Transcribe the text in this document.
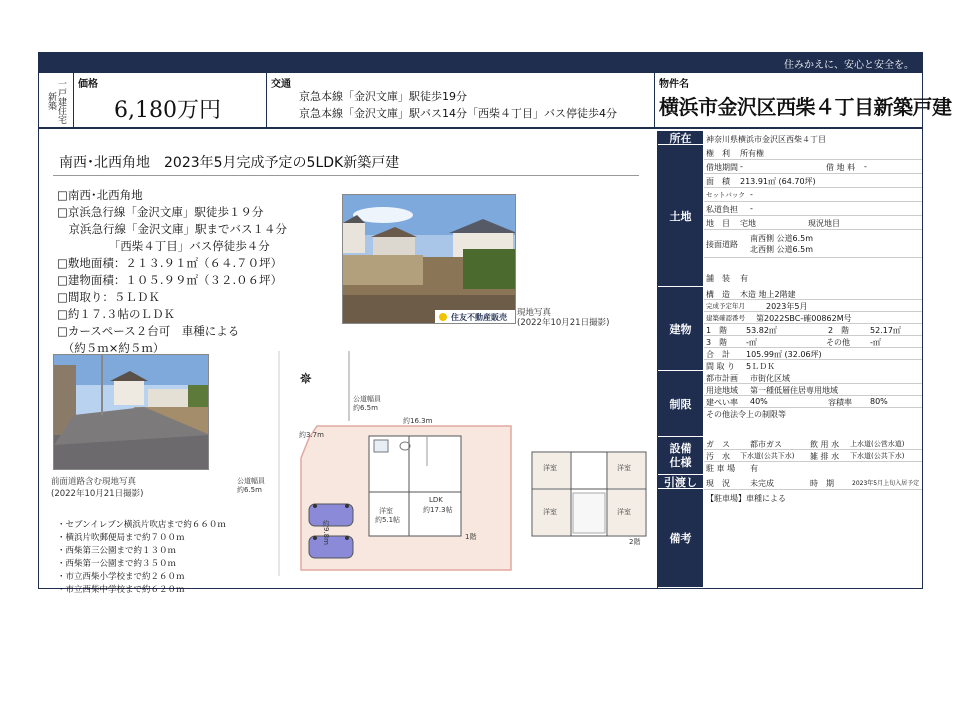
住みかえに、安心と安全を。
新築 一戸建住宅 価格
6,180万円
交通
京急本線「金沢文庫」駅徒歩19分
京急本線「金沢文庫」駅バス14分「西柴４丁目」バス停徒歩4分
物件名
横浜市金沢区西柴４丁目新築戸建
南西･北西角地　2023年5月完成予定の5LDK新築戸建
□南西･北西角地
□京浜急行線「金沢文庫」駅徒歩１９分
　京浜急行線「金沢文庫」駅までバス１４分
　　　　　「西柴４丁目」バス停徒歩４分
□敷地面積：２１３.９１㎡（６４.７０坪）
□建物面積：１０５.９９㎡（３２.０６坪）
□間取り：５ＬＤＫ
□約１７.３帖のＬＤＫ
□カースペース２台可　車種による
　（約５ｍ×約５ｍ）
住友不動産販売 現地写真
(2022年10月21日撮影)
前面道路含む現地写真
(2022年10月21日撮影)
・セブンイレブン横浜片吹店まで約６６０ｍ
・横浜片吹郵便局まで約７００ｍ
・西柴第三公園まで約１３０ｍ
・西柴第一公園まで約３５０ｍ
・市立西柴小学校まで約２６０ｍ
・市立西柴中学校まで約６２０ｍ
✵
公道幅員
約6.5m
公道幅員
約6.5m
約16.3m
約3.7m
約9.8m
LDK
約17.3帖
洋室
約5.1帖
1階
洋室	洋室
洋室	洋室
2階
所在 神奈川県横浜市金沢区西柴４丁目
土地
権　利 所有権
借地期間 -	借 地 料 -
面　積 213.91㎡ (64.70坪)
セットバック -
私道負担 -
地　目 宅地	現況地目
接面道路
南西側 公道6.5m
北西側 公道6.5m
舗　装 有
建物
構　造 木造 地上2階建
完成予定年月	2023年5月
建築確認番号 第2022SBC-確00862M号
1　階 53.82㎡	2　階	52.17㎡
3　階 -㎡	その他	-㎡
合　計 105.99㎡ (32.06坪)
間 取 り 5ＬＤＫ
制限
都市計画 市街化区域
用途地域 第一種低層住居専用地域
建ぺい率 40%	容積率 80%
その他法令上の制限等
設備仕様
ガ　ス	都市ガス	飲 用 水 上水道(公営水道)
汚　水 下水道(公共下水) 雑 排 水 下水道(公共下水)
駐 車 場 有
引渡し 現　況	未完成	時　期	2023年5月上旬入居予定
備考
【駐車場】車種による
